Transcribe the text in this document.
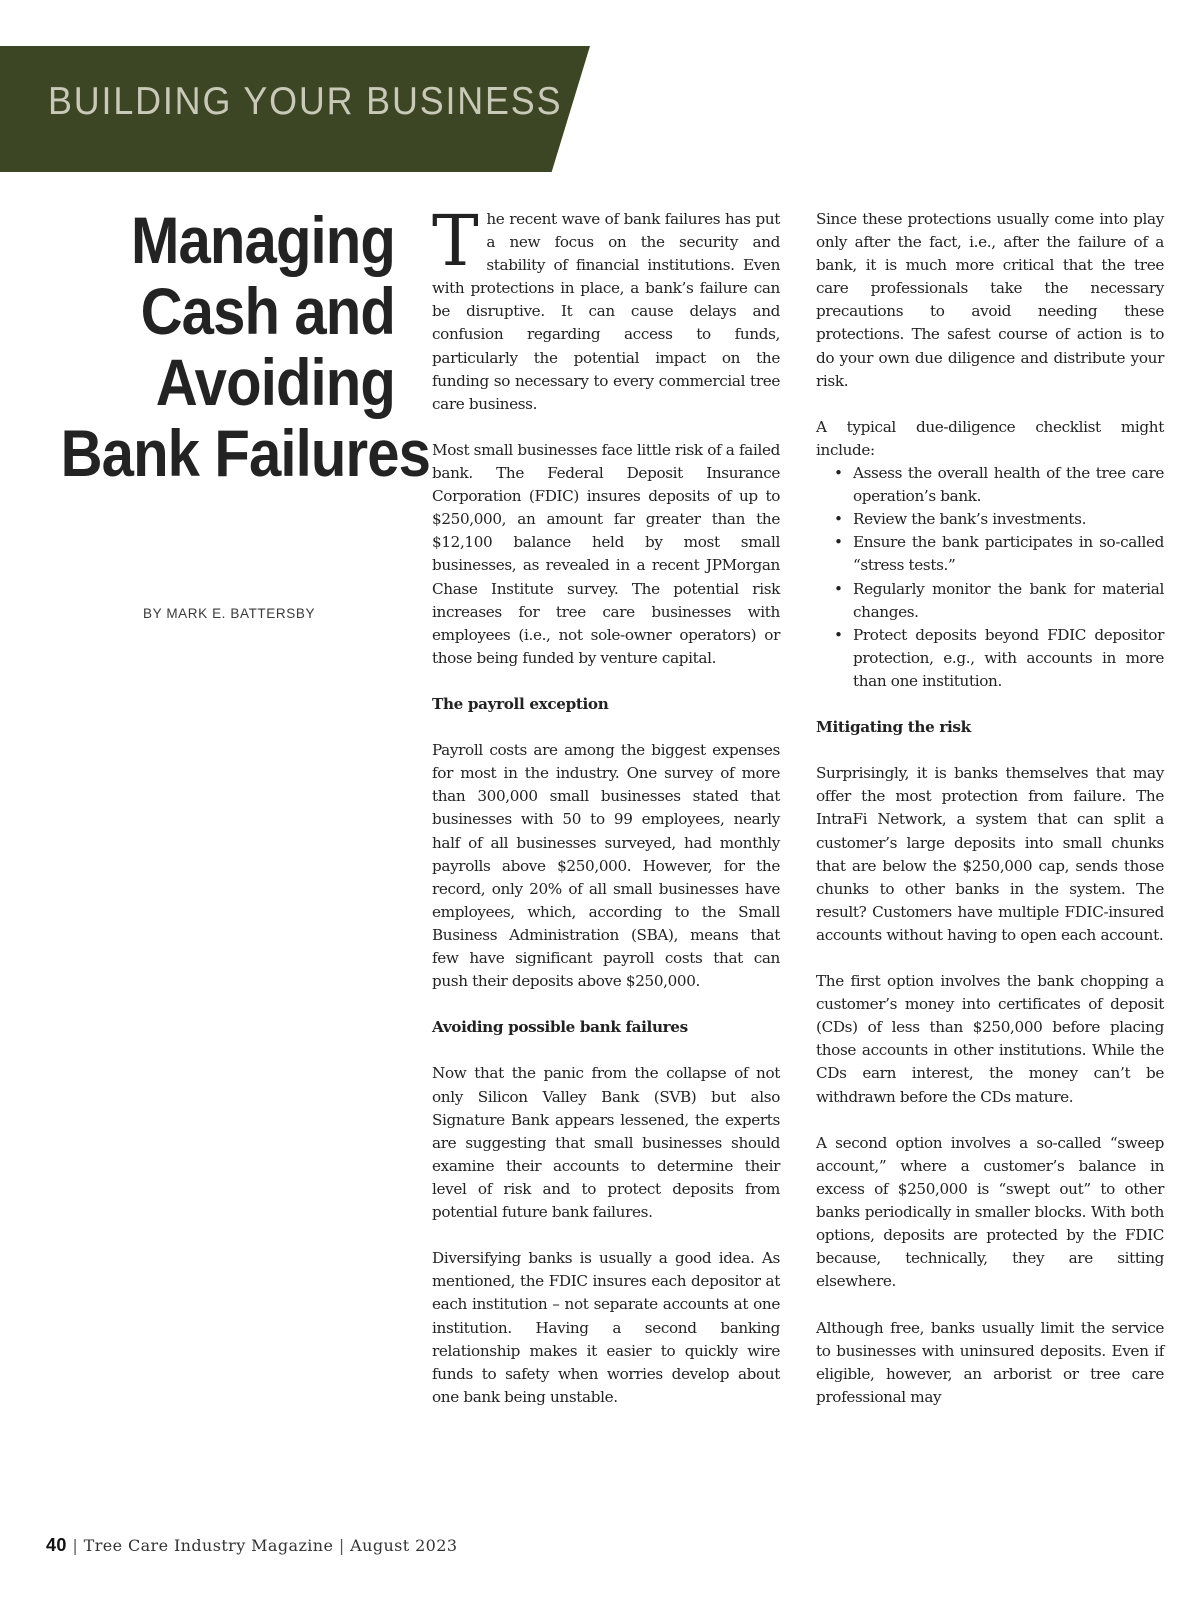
BUILDING YOUR BUSINESS
Managing
Cash and
Avoiding
Bank Failures
BY MARK E. BATTERSBY

The recent wave of bank failures has put a new focus on the security and stability of financial institutions. Even with protections in place, a bank’s failure can be disruptive. It can cause delays and confusion regarding access to funds, particularly the potential impact on the funding so necessary to every commercial tree care business.

Most small businesses face little risk of a failed bank. The Federal Deposit Insurance Corporation (FDIC) insures deposits of up to $250,000, an amount far greater than the $12,100 balance held by most small businesses, as revealed in a recent JPMorgan Chase Institute survey. The potential risk increases for tree care businesses with employees (i.e., not sole-owner operators) or those being funded by venture capital.

The payroll exception

Payroll costs are among the biggest expenses for most in the industry. One survey of more than 300,000 small businesses stated that businesses with 50 to 99 employees, nearly half of all businesses surveyed, had monthly payrolls above $250,000. However, for the record, only 20% of all small businesses have employees, which, according to the Small Business Administration (SBA), means that few have significant payroll costs that can push their deposits above $250,000.

Avoiding possible bank failures

Now that the panic from the collapse of not only Silicon Valley Bank (SVB) but also Signature Bank appears lessened, the experts are suggesting that small businesses should examine their accounts to determine their level of risk and to protect deposits from potential future bank failures.

Diversifying banks is usually a good idea. As mentioned, the FDIC insures each depositor at each institution – not separate accounts at one institution. Having a second banking relationship makes it easier to quickly wire funds to safety when worries develop about one bank being unstable.

Since these protections usually come into play only after the fact, i.e., after the failure of a bank, it is much more critical that the tree care professionals take the necessary precautions to avoid needing these protections. The safest course of action is to do your own due diligence and distribute your risk.

A typical due-diligence checklist might include:

• Assess the overall health of the tree care operation’s bank.
• Review the bank’s investments.
• Ensure the bank participates in so-called “stress tests.”
• Regularly monitor the bank for material changes.
• Protect deposits beyond FDIC depositor protection, e.g., with accounts in more than one institution.
Mitigating the risk

Surprisingly, it is banks themselves that may offer the most protection from failure. The IntraFi Network, a system that can split a customer’s large deposits into small chunks that are below the $250,000 cap, sends those chunks to other banks in the system. The result? Customers have multiple FDIC-insured accounts without having to open each account.

The first option involves the bank chopping a customer’s money into certificates of deposit (CDs) of less than $250,000 before placing those accounts in other institutions. While the CDs earn interest, the money can’t be withdrawn before the CDs mature.

A second option involves a so-called “sweep account,” where a customer’s balance in excess of $250,000 is “swept out” to other banks periodically in smaller blocks. With both options, deposits are protected by the FDIC because, technically, they are sitting elsewhere.

Although free, banks usually limit the service to businesses with uninsured deposits. Even if eligible, however, an arborist or tree care professional may

40 | Tree Care Industry Magazine | August 2023
